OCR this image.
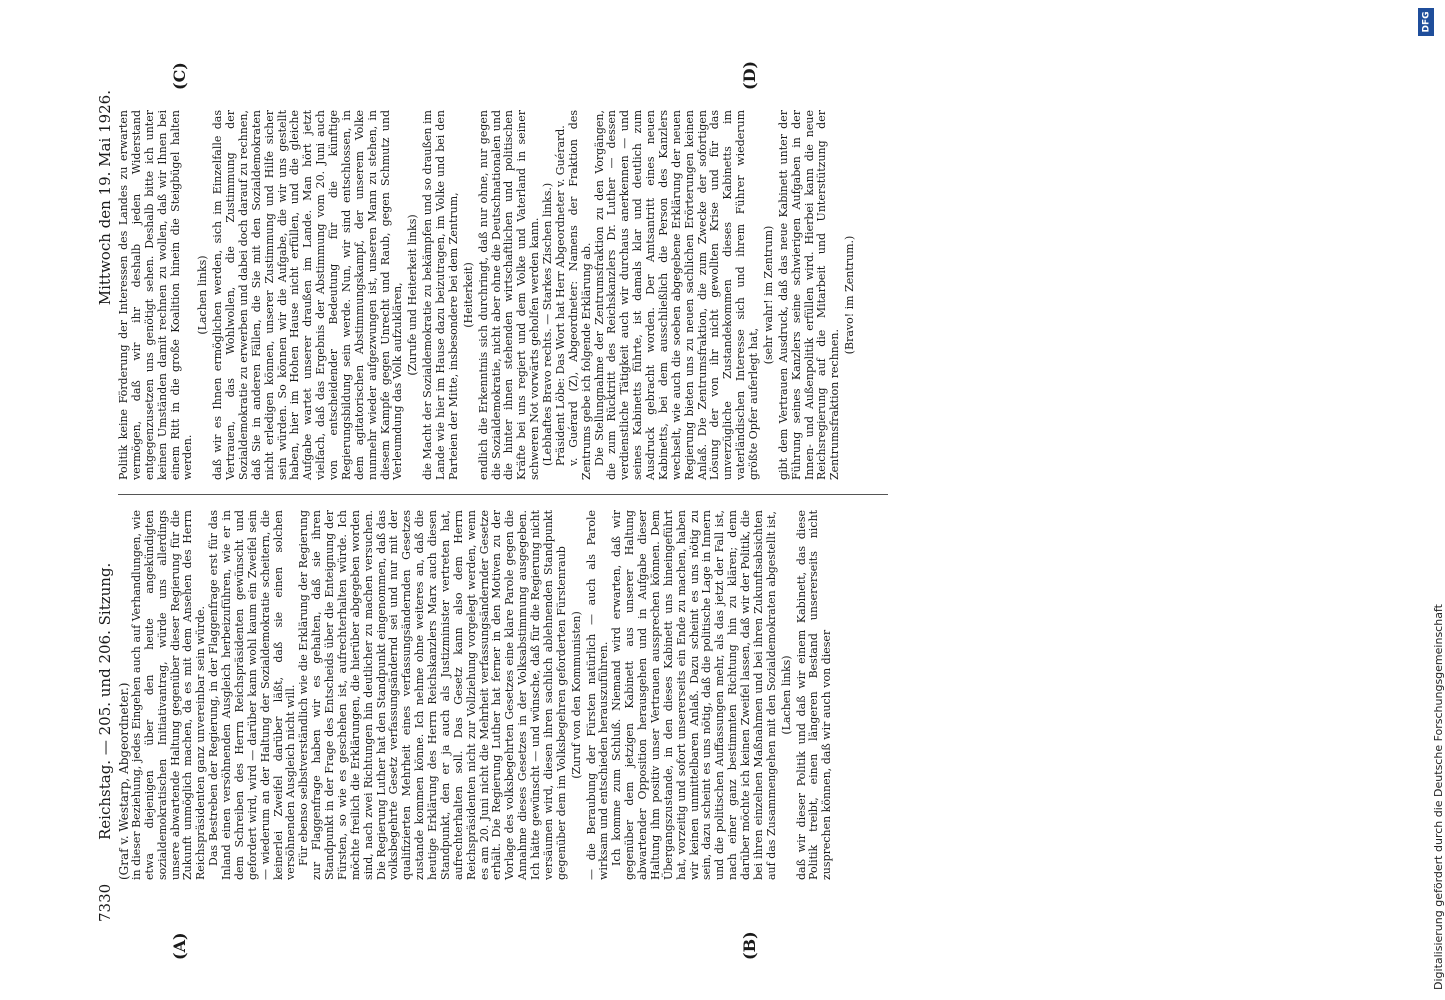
7330
Reichstag. — 205. und 206. Sitzung.
Mittwoch den 19. Mai 1926.
(A)	(B)
(C)	(D)

(Graf v. Westarp, Abgeordneter.)

in dieser Beziehung, jedes Eingehen auch auf Verhandlungen, wie etwa diejenigen über den heute angekündigten sozialdemokratischen Initiativantrag, würde uns allerdings unsere abwartende Haltung gegenüber dieser Regierung für die Zukunft unmöglich machen, da es mit dem Ansehen des Herrn Reichspräsidenten ganz unvereinbar sein würde. Das Bestreben der Regierung, in der Flaggenfrage erst für das Inland einen versöhnenden Ausgleich herbeizuführen, wie er in dem Schreiben des Herrn Reichspräsidenten gewünscht und gefordert wird, wird — darüber kann wohl kaum ein Zweifel sein — wiederum an der Haltung der Sozialdemokratie scheitern, die keinerlei Zweifel darüber läßt, daß sie einen solchen versöhnenden Ausgleich nicht will. Für ebenso selbstverständlich wie die Erklärung der Regierung zur Flaggenfrage haben wir es gehalten, daß sie ihren Standpunkt in der Frage des Entscheids über die Enteignung der Fürsten, so wie es geschehen ist, aufrechterhalten würde. Ich möchte freilich die Erklärungen, die hierüber abgegeben worden sind, nach zwei Richtungen hin deutlicher zu machen versuchen. Die Regierung Luther hat den Standpunkt eingenommen, daß das volksbegehrte Gesetz verfassungsändernd sei und nur mit der qualifizierten Mehrheit eines verfassungsändernden Gesetzes zustande kommen könne. Ich nehme ohne weiteres an, daß die heutige Erklärung des Herrn Reichskanzlers Marx auch diesen Standpunkt, den er ja auch als Justizminister vertreten hat, aufrechterhalten soll. Das Gesetz kann also dem Herrn Reichspräsidenten nicht zur Vollziehung vorgelegt werden, wenn es am 20. Juni nicht die Mehrheit verfassungsändernder Gesetze erhält. Die Regierung Luther hat ferner in den Motiven zu der Vorlage des volksbegehrten Gesetzes eine klare Parole gegen die Annahme dieses Gesetzes in der Volksabstimmung ausgegeben. Ich hätte gewünscht — und wünsche, daß für die Regierung nicht versäumen wird, diesen ihren sachlich ablehnenden Standpunkt gegenüber dem im Volksbegehren geforderten Fürstenraub (Zuruf von den Kommunisten) — die Beraubung der Fürsten natürlich — auch als Parole wirksam und entschieden herauszuführen. Ich komme zum Schluß. Niemand wird erwarten, daß wir gegenüber dem jetzigen Kabinett aus unserer Haltung abwartender Opposition herausgehen und in Aufgabe dieser Haltung ihm positiv unser Vertrauen aussprechen können. Dem Übergangszustande, in den dieses Kabinett uns hineingeführt hat, vorzeitig und sofort unsererseits ein Ende zu machen, haben wir keinen unmittelbaren Anlaß. Dazu scheint es uns nötig zu sein, dazu scheint es uns nötig, daß die politische Lage in Innern und die politischen Auffassungen mehr, als das jetzt der Fall ist, nach einer ganz bestimmten Richtung hin zu klären; denn darüber möchte ich keinen Zweifel lassen, daß wir der Politik, die bei ihren einzelnen Maßnahmen und bei ihren Zukunftsabsichten auf das Zusammengehen mit den Sozialdemokraten abgestellt ist, (Lachen links) daß wir dieser Politik und daß wir einem Kabinett, das diese Politik treibt, einen längeren Bestand unsererseits nicht zusprechen können, daß wir auch von dieser

Politik keine Förderung der Interessen des Landes zu erwarten vermögen, daß wir ihr deshalb jeden Widerstand entgegenzusetzen uns genötigt sehen. Deshalb bitte ich unter keinen Umständen damit rechnen zu wollen, daß wir Ihnen bei einem Ritt in die große Koalition hinein die Steigbügel halten werden.

(Lachen links) daß wir es Ihnen ermöglichen werden, sich im Einzelfalle das Vertrauen, das Wohlwollen, die Zustimmung der Sozialdemokratie zu erwerben und dabei doch darauf zu rechnen, daß Sie in anderen Fällen, die Sie mit den Sozialdemokraten nicht erledigen können, unserer Zustimmung und Hilfe sicher sein würden. So können wir die Aufgabe, die wir uns gestellt haben, hier im Hohen Hause nicht erfüllen, und die gleiche Aufgabe wartet unserer draußen im Lande. Man hört jetzt vielfach, daß das Ergebnis der Abstimmung vom 20. Juni auch von entscheidender Bedeutung für die künftige Regierungsbildung sein werde. Nun, wir sind entschlossen, in dem agitatorischen Abstimmungskampf, der unserem Volke nunmehr wieder aufgezwungen ist, unseren Mann zu stehen, in diesem Kampfe gegen Unrecht und Raub, gegen Schmutz und Verleumdung das Volk aufzuklären, (Zurufe und Heiterkeit links) die Macht der Sozialdemokratie zu bekämpfen und so draußen im Lande wie hier im Hause dazu beizutragen, im Volke und bei den Parteien der Mitte, insbesondere bei dem Zentrum, (Heiterkeit) endlich die Erkenntnis sich durchringt, daß nur ohne, nur gegen die Sozialdemokratie, nicht aber ohne die Deutschnationalen und die hinter ihnen stehenden wirtschaftlichen und politischen Kräfte bei uns regiert und dem Volke und Vaterland in seiner schweren Not vorwärts geholfen werden kann. (Lebhaftes Bravo rechts. — Starkes Zischen links.) Präsident Löbe: Das Wort hat Herr Abgeordneter v. Guérard. v. Guérard (Z), Abgeordneter: Namens der Fraktion des Zentrums gebe ich folgende Erklärung ab. Die Stellungnahme der Zentrumsfraktion zu den Vorgängen, die zum Rücktritt des Reichskanzlers Dr. Luther — dessen verdienstliche Tätigkeit auch wir durchaus anerkennen — und seines Kabinetts führte, ist damals klar und deutlich zum Ausdruck gebracht worden. Der Amtsantritt eines neuen Kabinetts, bei dem ausschließlich die Person des Kanzlers wechselt, wie auch die soeben abgegebene Erklärung der neuen Regierung bieten uns zu neuen sachlichen Erörterungen keinen Anlaß. Die Zentrumsfraktion, die zum Zwecke der sofortigen Lösung der von ihr nicht gewollten Krise und für das unverzügliche Zustandekommen dieses Kabinetts im vaterländischen Interesse sich und ihrem Führer wiederum größte Opfer auferlegt hat,

(sehr wahr! im Zentrum) gibt dem Vertrauen Ausdruck, daß das neue Kabinett unter der Führung seines Kanzlers seine schwierigen Aufgaben in der Innen- und Außenpolitik erfüllen wird. Hierbei kann die neue Reichsregierung auf die Mitarbeit und Unterstützung der Zentrumsfraktion rechnen.

(Bravo! im Zentrum.)

DFG
Digitalisierung gefördert durch die Deutsche Forschungsgemeinschaft
